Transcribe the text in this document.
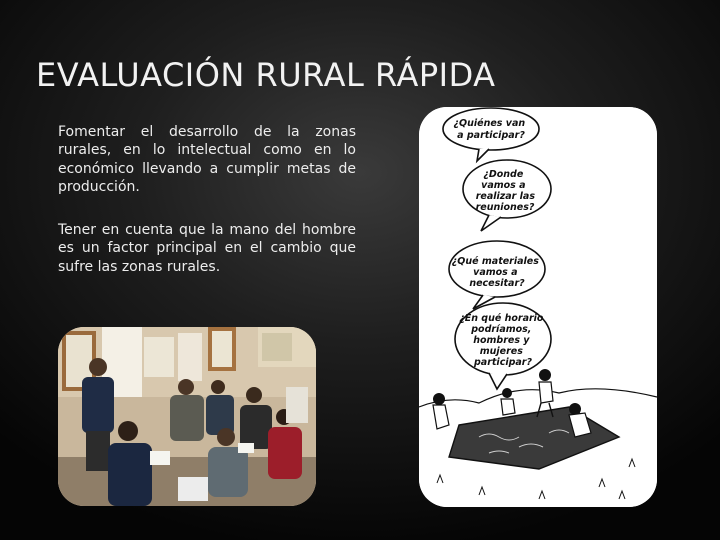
EVALUACIÓN RURAL RÁPIDA
Fomentar el desarrollo de la zonas rurales, en lo intelectual como en lo económico llevando a cumplir metas de producción.
Tener en cuenta que la mano del hombre es un factor principal en el cambio que sufre las zonas rurales.
¿Quiénes van a participar?
¿Donde vamos a realizar las reuniones?
¿Qué materiales vamos a necesitar?
¿En qué horario podríamos, hombres y mujeres participar?
